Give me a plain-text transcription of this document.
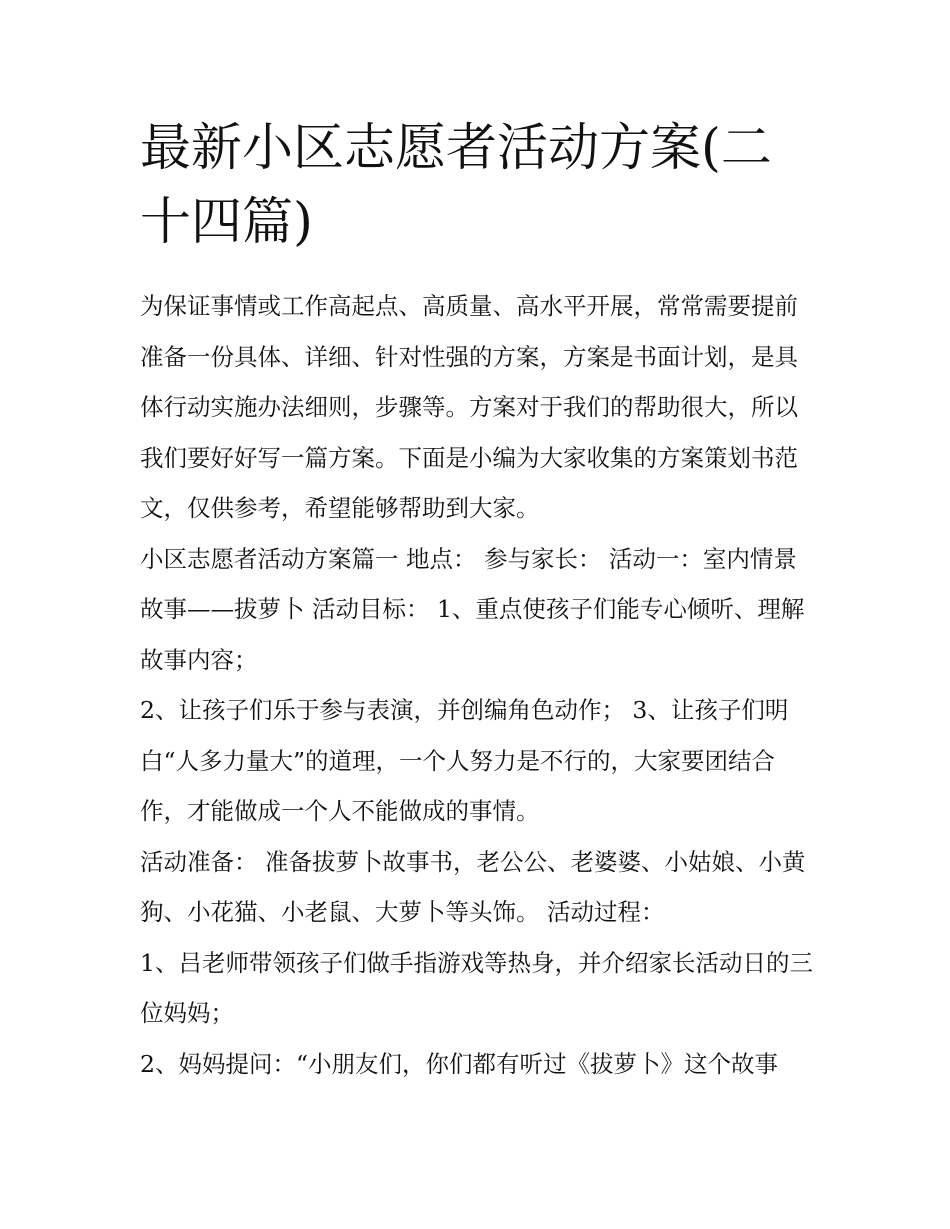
最新小区志愿者活动方案(二十四篇)

为保证事情或工作高起点、高质量、高水平开展，常常需要提前准备一份具体、详细、针对性强的方案，方案是书面计划，是具体行动实施办法细则，步骤等。方案对于我们的帮助很大，所以我们要好好写一篇方案。下面是小编为大家收集的方案策划书范文，仅供参考，希望能够帮助到大家。

小区志愿者活动方案篇一 地点： 参与家长： 活动一：室内情景故事——拔萝卜 活动目标： 1、重点使孩子们能专心倾听、理解故事内容；

2、让孩子们乐于参与表演，并创编角色动作； 3、让孩子们明白“人多力量大”的道理，一个人努力是不行的，大家要团结合作，才能做成一个人不能做成的事情。

活动准备： 准备拔萝卜故事书，老公公、老婆婆、小姑娘、小黄狗、小花猫、小老鼠、大萝卜等头饰。 活动过程：

1、吕老师带领孩子们做手指游戏等热身，并介绍家长活动日的三位妈妈；

2、妈妈提问：“小朋友们，你们都有听过《拔萝卜》这个故事
